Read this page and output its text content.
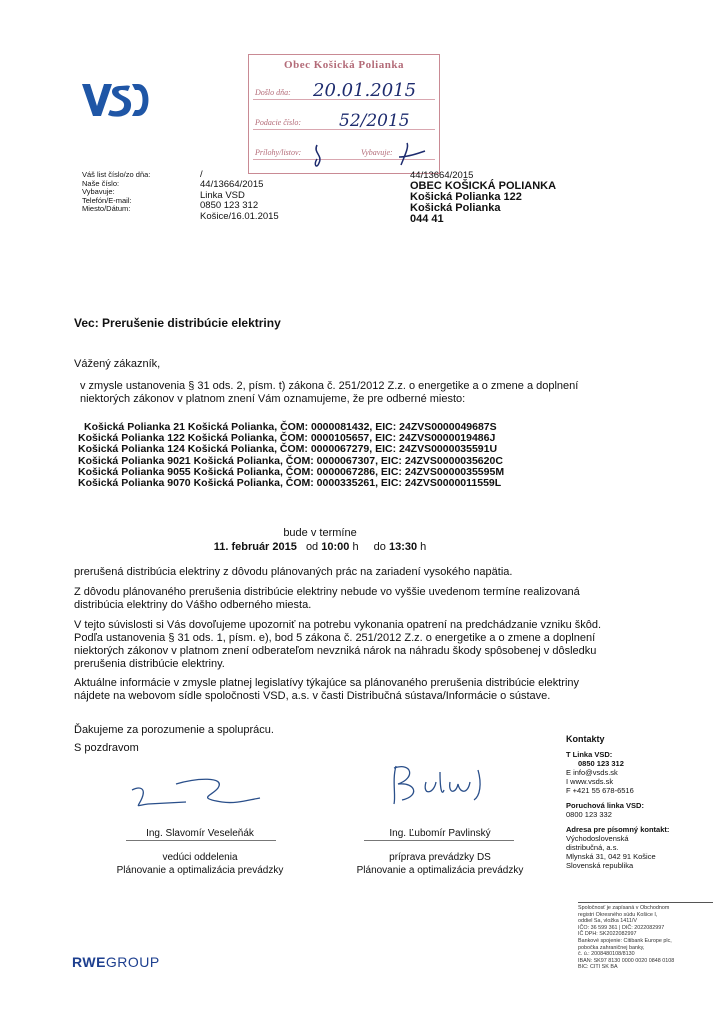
Obec Košická Polianka
Došlo dňa: 20.01.2015
Podacie číslo: 52/2015
Prílohy/listov:	Vybavuje:
Váš list číslo/zo dňa:
Naše číslo:
Vybavuje:
Telefón/E-mail:
Miesto/Dátum:
/
44/13664/2015
Linka VSD
0850 123 312
Košice/16.01.2015
44/13664/2015
OBEC KOŠICKÁ POLIANKA
Košická Polianka 122
Košická Polianka
044 41
Vec: Prerušenie distribúcie elektriny
Vážený zákazník,
v zmysle ustanovenia § 31 ods. 2, písm. t) zákona č. 251/2012 Z.z. o energetike a o zmene a doplnení niektorých zákonov v platnom znení Vám oznamujeme, že pre odberné miesto:
Košická Polianka 21 Košická Polianka, ČOM: 0000081432, EIC: 24ZVS0000049687S
Košická Polianka 122 Košická Polianka, ČOM: 0000105657, EIC: 24ZVS0000019486J
Košická Polianka 124 Košická Polianka, ČOM: 0000067279, EIC: 24ZVS0000035591U
Košická Polianka 9021 Košická Polianka, ČOM: 0000067307, EIC: 24ZVS0000035620C
Košická Polianka 9055 Košická Polianka, ČOM: 0000067286, EIC: 24ZVS0000035595M
Košická Polianka 9070 Košická Polianka, ČOM: 0000335261, EIC: 24ZVS0000011559L
bude v termíne
11. február 2015 od 10:00 h do 13:30 h
prerušená distribúcia elektriny z dôvodu plánovaných prác na zariadení vysokého napätia.
Z dôvodu plánovaného prerušenia distribúcie elektriny nebude vo vyššie uvedenom termíne realizovaná distribúcia elektriny do Vášho odberného miesta.
V tejto súvislosti si Vás dovoľujeme upozorniť na potrebu vykonania opatrení na predchádzanie vzniku škôd. Podľa ustanovenia § 31 ods. 1, písm. e), bod 5 zákona č. 251/2012 Z.z. o energetike a o zmene a doplnení niektorých zákonov v platnom znení odberateľom nevzniká nárok na náhradu škody spôsobenej v dôsledku prerušenia distribúcie elektriny.
Aktuálne informácie v zmysle platnej legislatívy týkajúce sa plánovaného prerušenia distribúcie elektriny nájdete na webovom sídle spoločnosti VSD, a.s. v časti Distribučná sústava/Informácie o sústave.
Ďakujeme za porozumenie a spoluprácu.
S pozdravom
Ing. Slavomír Veseleňák
vedúci oddelenia
Plánovanie a optimalizácia prevádzky
Ing. Ľubomír Pavlinský
príprava prevádzky DS
Plánovanie a optimalizácia prevádzky
Kontakty
T Linka VSD:
0850 123 312
E info@vsds.sk
I www.vsds.sk
F +421 55 678-6516
Poruchová linka VSD:
0800 123 332
Adresa pre písomný kontakt:
Východoslovenská
distribučná, a.s.
Mlynská 31, 042 91 Košice
Slovenská republika
Spoločnosť je zapísaná v Obchodnom
registri Okresného súdu Košice I,
oddiel Sa, vložka 1411/V
IČO: 36 599 361 | DIČ: 2022082997
IČ DPH: SK2022082997
Bankové spojenie: Citibank Europe plc,
pobočka zahraničnej banky,
č. ú.: 2008480108/8130
IBAN: SK97 8130 0000 0020 0848 0108
BIC: CITI SK BA
RWEGROUP
